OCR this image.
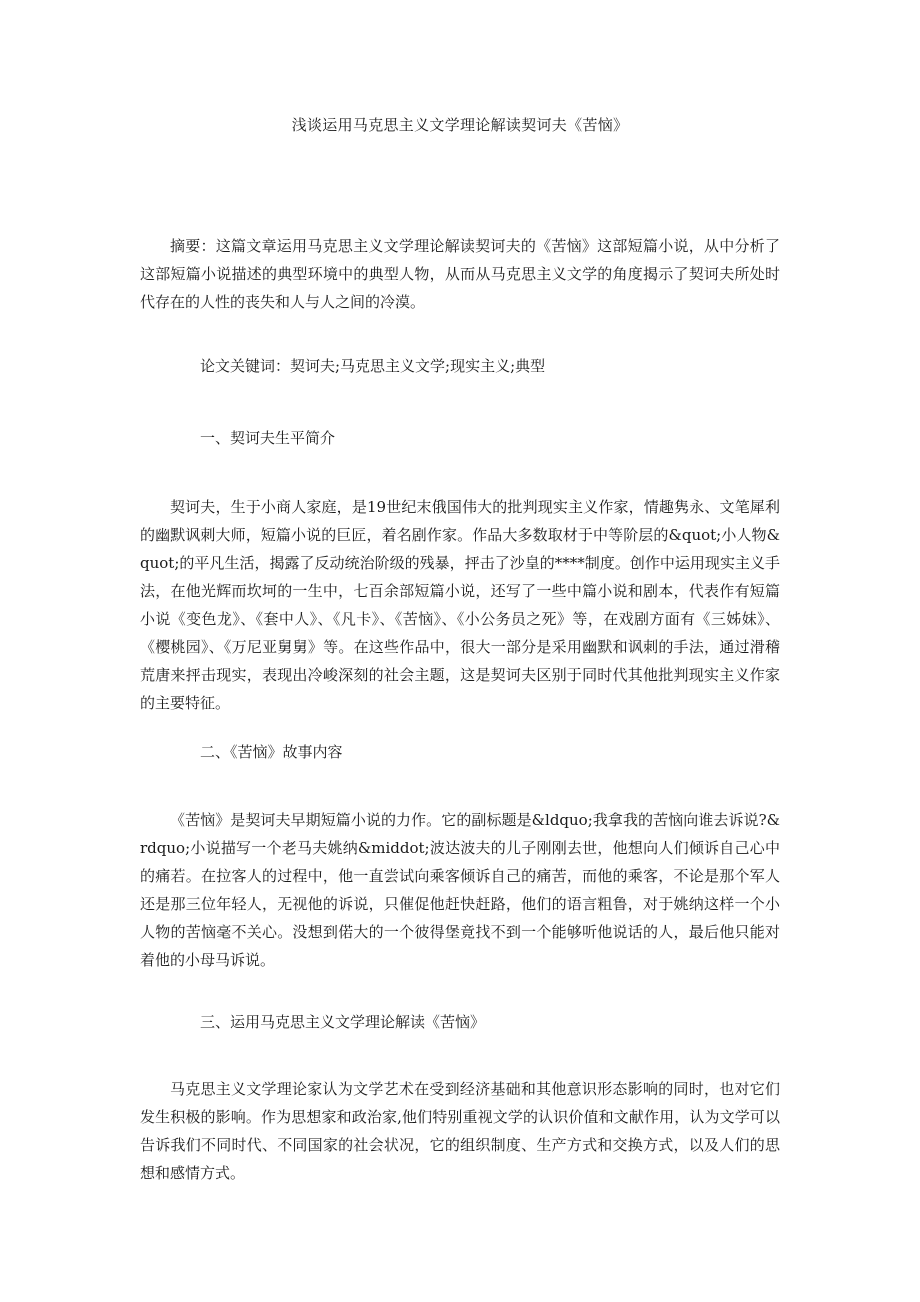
浅谈运用马克思主义文学理论解读契诃夫《苦恼》

摘要：这篇文章运用马克思主义文学理论解读契诃夫的《苦恼》这部短篇小说，从中分析了这部短篇小说描述的典型环境中的典型人物，从而从马克思主义文学的角度揭示了契诃夫所处时代存在的人性的丧失和人与人之间的冷漠。

论文关键词：契诃夫;马克思主义文学;现实主义;典型

一、契诃夫生平简介

契诃夫，生于小商人家庭，是19世纪末俄国伟大的批判现实主义作家，情趣隽永、文笔犀利的幽默讽刺大师，短篇小说的巨匠，着名剧作家。作品大多数取材于中等阶层的&quot;小人物&quot;的平凡生活，揭露了反动统治阶级的残暴，抨击了沙皇的****制度。创作中运用现实主义手法，在他光辉而坎坷的一生中，七百余部短篇小说，还写了一些中篇小说和剧本，代表作有短篇小说《变色龙》、《套中人》、《凡卡》、《苦恼》、《小公务员之死》等，在戏剧方面有《三姊妹》、《樱桃园》、《万尼亚舅舅》等。在这些作品中，很大一部分是采用幽默和讽刺的手法，通过滑稽荒唐来抨击现实，表现出冷峻深刻的社会主题，这是契诃夫区别于同时代其他批判现实主义作家的主要特征。

二、《苦恼》故事内容

《苦恼》是契诃夫早期短篇小说的力作。它的副标题是&ldquo;我拿我的苦恼向谁去诉说?&rdquo;小说描写一个老马夫姚纳&middot;波达波夫的儿子刚刚去世，他想向人们倾诉自己心中的痛若。在拉客人的过程中，他一直尝试向乘客倾诉自己的痛苦，而他的乘客，不论是那个军人还是那三位年轻人，无视他的诉说，只催促他赶快赶路，他们的语言粗鲁，对于姚纳这样一个小人物的苦恼毫不关心。没想到偌大的一个彼得堡竟找不到一个能够听他说话的人，最后他只能对着他的小母马诉说。

三、运用马克思主义文学理论解读《苦恼》

马克思主义文学理论家认为文学艺术在受到经济基础和其他意识形态影响的同时，也对它们发生积极的影响。作为思想家和政治家,他们特别重视文学的认识价值和文献作用，认为文学可以告诉我们不同时代、不同国家的社会状况，它的组织制度、生产方式和交换方式，以及人们的思想和感情方式。
